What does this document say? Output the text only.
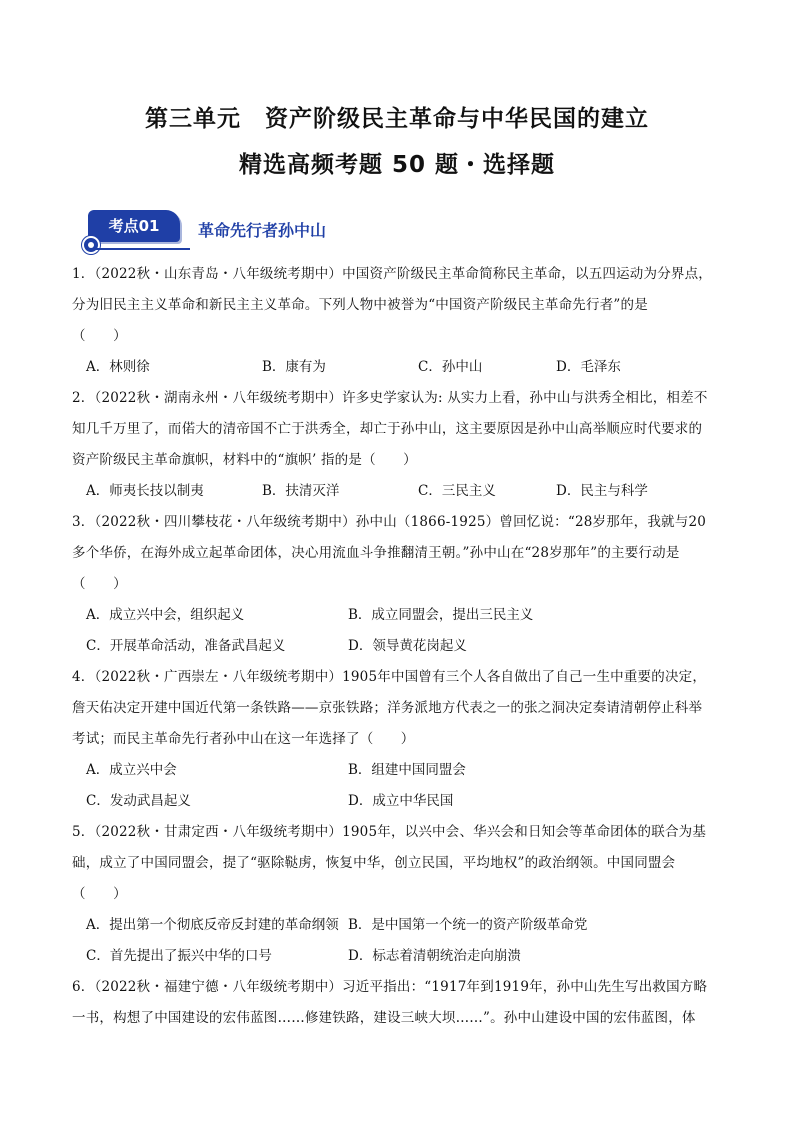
第三单元　资产阶级民主革命与中华民国的建立
精选高频考题 50 题・选择题
考点01	革命先行者孙中山

1．（2022秋・山东青岛・八年级统考期中）中国资产阶级民主革命简称民主革命，以五四运动为分界点，

分为旧民主主义革命和新民主主义革命。下列人物中被誉为“中国资产阶级民主革命先行者”的是

（　　）

A．林则徐	B．康有为	C．孙中山	D．毛泽东

2．（2022秋・湖南永州・八年级统考期中）许多史学家认为: 从实力上看，孙中山与洪秀全相比，相差不

知几千万里了，而偌大的清帝国不亡于洪秀全，却亡于孙中山，这主要原因是孙中山高举顺应时代要求的

资产阶级民主革命旗帜，材料中的“旗帜’ 指的是（　　）

A．师夷长技以制夷	B．扶清灭洋	C．三民主义	D．民主与科学

3．（2022秋・四川攀枝花・八年级统考期中）孙中山（1866-1925）曾回忆说：“28岁那年，我就与20

多个华侨，在海外成立起革命团体，决心用流血斗争推翻清王朝。”孙中山在“28岁那年”的主要行动是

（　　）

A．成立兴中会，组织起义	B．成立同盟会，提出三民主义
C．开展革命活动，准备武昌起义	D．领导黄花岗起义

4．（2022秋・广西崇左・八年级统考期中）1905年中国曾有三个人各自做出了自己一生中重要的决定，

詹天佑决定开建中国近代第一条铁路——京张铁路；洋务派地方代表之一的张之洞决定奏请清朝停止科举

考试；而民主革命先行者孙中山在这一年选择了（　　）

A．成立兴中会	B．组建中国同盟会
C．发动武昌起义	D．成立中华民国

5．（2022秋・甘肃定西・八年级统考期中）1905年，以兴中会、华兴会和日知会等革命团体的联合为基

础，成立了中国同盟会，提了“驱除鞑虏，恢复中华，创立民国，平均地权”的政治纲领。中国同盟会

（　　）

A．提出第一个彻底反帝反封建的革命纲领 B．是中国第一个统一的资产阶级革命党
C．首先提出了振兴中华的口号	D．标志着清朝统治走向崩溃

6．（2022秋・福建宁德・八年级统考期中）习近平指出：“1917年到1919年，孙中山先生写出救国方略

一书，构想了中国建设的宏伟蓝图……修建铁路，建设三峡大坝……”。孙中山建设中国的宏伟蓝图，体
